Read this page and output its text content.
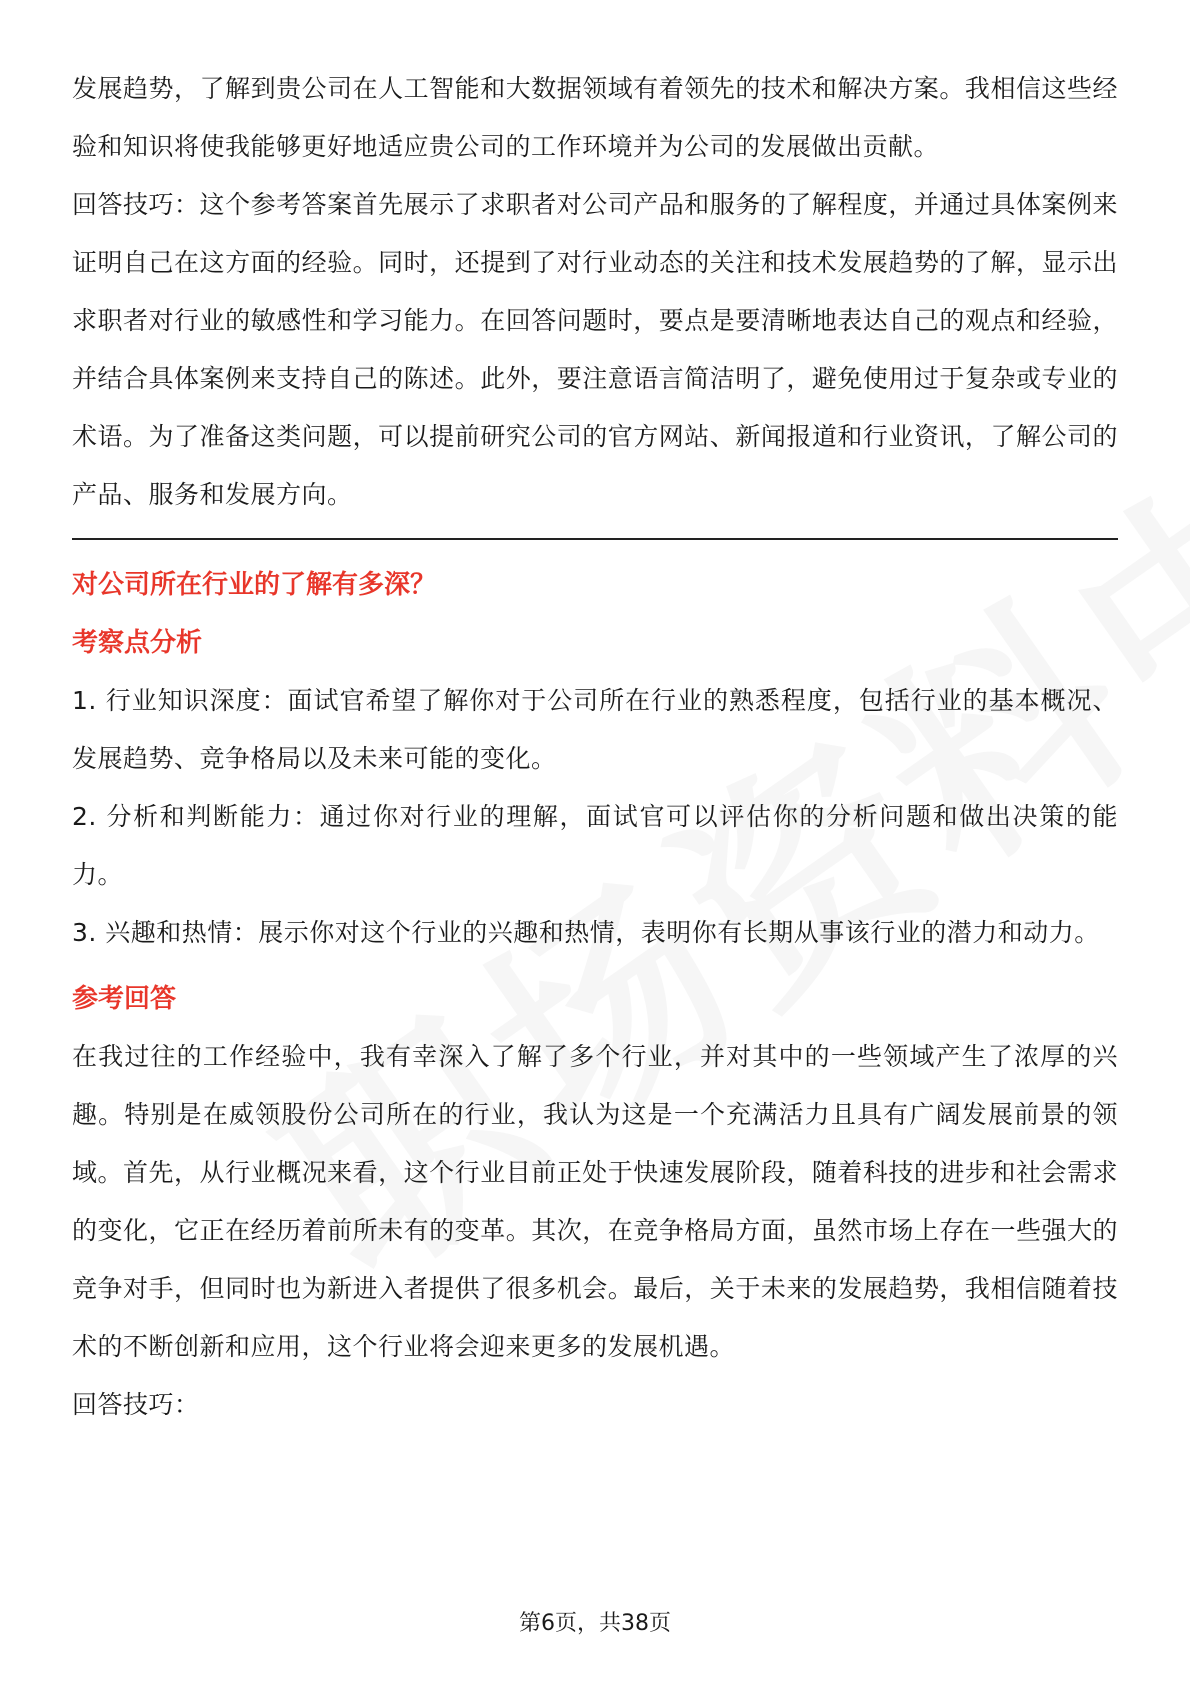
发展趋势，了解到贵公司在人工智能和大数据领域有着领先的技术和解决方案。我相信这些经验和知识将使我能够更好地适应贵公司的工作环境并为公司的发展做出贡献。

回答技巧：这个参考答案首先展示了求职者对公司产品和服务的了解程度，并通过具体案例来证明自己在这方面的经验。同时，还提到了对行业动态的关注和技术发展趋势的了解，显示出求职者对行业的敏感性和学习能力。在回答问题时，要点是要清晰地表达自己的观点和经验，并结合具体案例来支持自己的陈述。此外，要注意语言简洁明了，避免使用过于复杂或专业的术语。为了准备这类问题，可以提前研究公司的官方网站、新闻报道和行业资讯，了解公司的产品、服务和发展方向。

对公司所在行业的了解有多深？
考察点分析

1. 行业知识深度：面试官希望了解你对于公司所在行业的熟悉程度，包括行业的基本概况、发展趋势、竞争格局以及未来可能的变化。

2. 分析和判断能力：通过你对行业的理解，面试官可以评估你的分析问题和做出决策的能力。

3. 兴趣和热情：展示你对这个行业的兴趣和热情，表明你有长期从事该行业的潜力和动力。

参考回答

在我过往的工作经验中，我有幸深入了解了多个行业，并对其中的一些领域产生了浓厚的兴趣。特别是在威领股份公司所在的行业，我认为这是一个充满活力且具有广阔发展前景的领域。首先，从行业概况来看，这个行业目前正处于快速发展阶段，随着科技的进步和社会需求的变化，它正在经历着前所未有的变革。其次，在竞争格局方面，虽然市场上存在一些强大的竞争对手，但同时也为新进入者提供了很多机会。最后，关于未来的发展趋势，我相信随着技术的不断创新和应用，这个行业将会迎来更多的发展机遇。

回答技巧：

第6页，共38页
